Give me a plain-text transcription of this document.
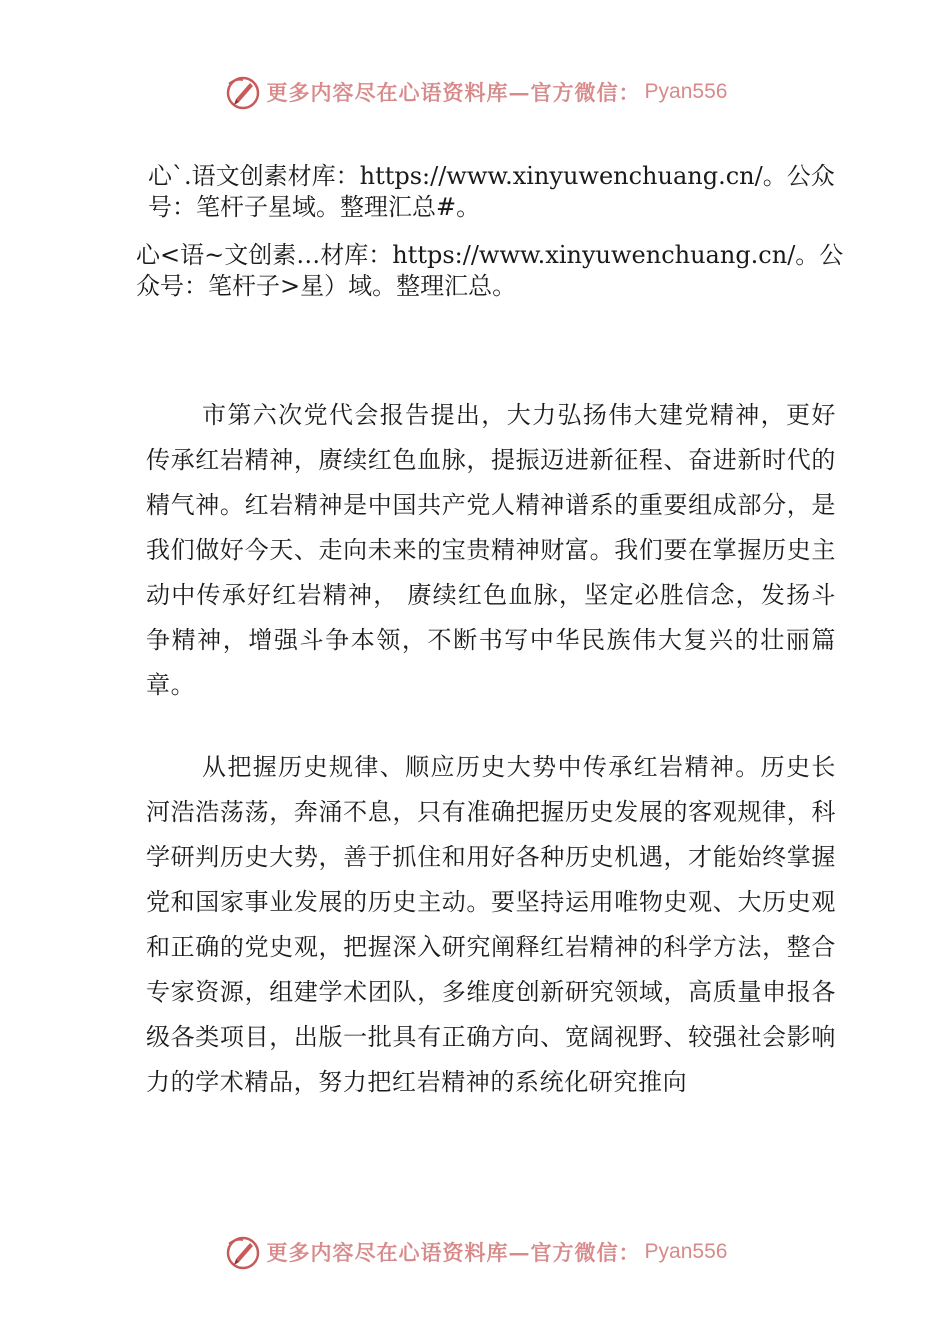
更多内容尽在心语资料库—官方微信： Pyan556
心`.语文创素材库：https://www.xinyuwenchuang.cn/。公众号：笔杆子星域。整理汇总#。
心<语~文创素…材库：https://www.xinyuwenchuang.cn/。公众号：笔杆子>星）域。整理汇总。

市第六次党代会报告提出，大力弘扬伟大建党精神，更好传承红岩精神，赓续红色血脉，提振迈进新征程、奋进新时代的精气神。红岩精神是中国共产党人精神谱系的重要组成部分，是我们做好今天、走向未来的宝贵精神财富。我们要在掌握历史主动中传承好红岩精神， 赓续红色血脉，坚定必胜信念，发扬斗争精神，增强斗争本领，不断书写中华民族伟大复兴的壮丽篇章。

从把握历史规律、顺应历史大势中传承红岩精神。历史长河浩浩荡荡，奔涌不息，只有准确把握历史发展的客观规律，科学研判历史大势，善于抓住和用好各种历史机遇，才能始终掌握党和国家事业发展的历史主动。要坚持运用唯物史观、大历史观和正确的党史观，把握深入研究阐释红岩精神的科学方法，整合专家资源，组建学术团队，多维度创新研究领域，高质量申报各级各类项目，出版一批具有正确方向、宽阔视野、较强社会影响力的学术精品，努力把红岩精神的系统化研究推向

更多内容尽在心语资料库—官方微信： Pyan556
